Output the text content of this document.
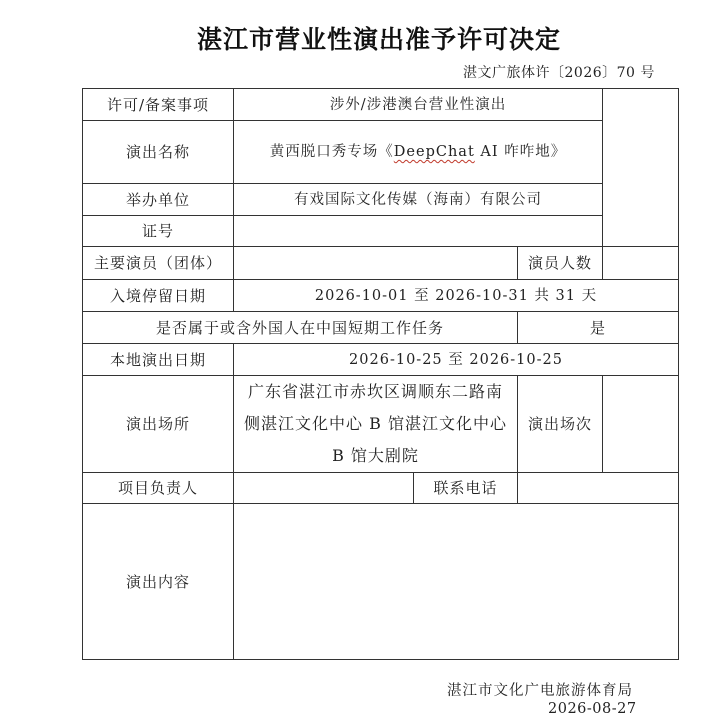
湛江市营业性演出准予许可决定
湛文广旅体许〔2026〕70 号
许可/备案事项	涉外/涉港澳台营业性演出			
演出名称	黄西脱口秀专场《DeepChat AI 咋咋地》			
举办单位	有戏国际文化传媒（海南）有限公司			
证号				
主要演员（团体）			演员人数	
入境停留日期	2026-10-01 至 2026-10-31 共 31 天			
是否属于或含外国人在中国短期工作任务			是	
本地演出日期	2026-10-25 至 2026-10-25			
演出场所	广东省湛江市赤坎区调顺东二路南侧湛江文化中心 B 馆湛江文化中心 B 馆大剧院		演出场次	
项目负责人		联系电话		
演出内容				
湛江市文化广电旅游体育局
2026-08-27
